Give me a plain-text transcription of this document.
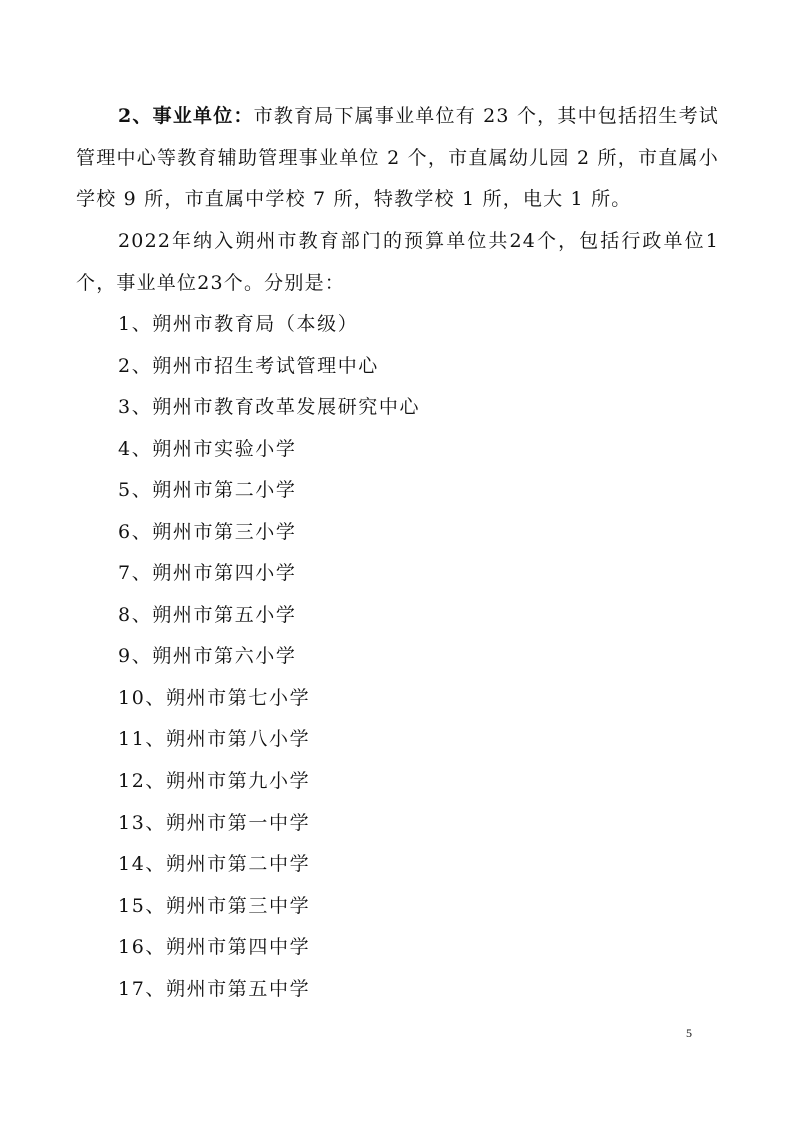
2、事业单位：市教育局下属事业单位有 23 个，其中包括招生考试管理中心等教育辅助管理事业单位 2 个，市直属幼儿园 2 所，市直属小学校 9 所，市直属中学校 7 所，特教学校 1 所，电大 1 所。

2022年纳入朔州市教育部门的预算单位共24个，包括行政单位1个，事业单位23个。分别是：

1、朔州市教育局（本级）
2、朔州市招生考试管理中心
3、朔州市教育改革发展研究中心
4、朔州市实验小学
5、朔州市第二小学
6、朔州市第三小学
7、朔州市第四小学
8、朔州市第五小学
9、朔州市第六小学
10、朔州市第七小学
11、朔州市第八小学
12、朔州市第九小学
13、朔州市第一中学
14、朔州市第二中学
15、朔州市第三中学
16、朔州市第四中学
17、朔州市第五中学
5
